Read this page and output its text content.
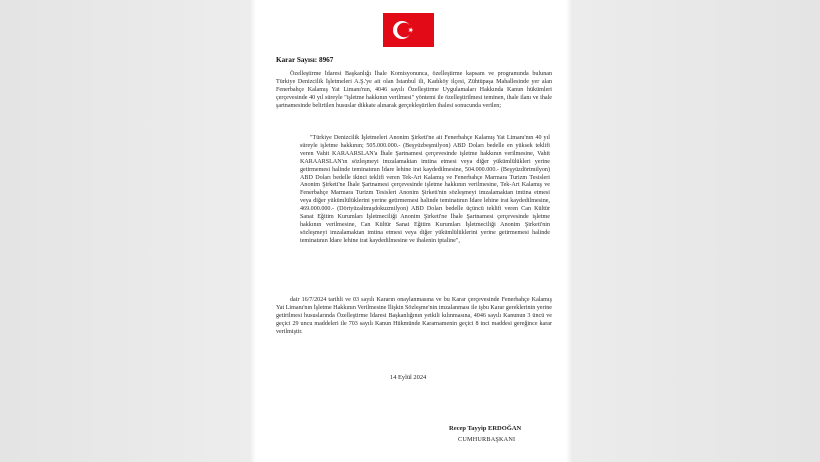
Karar Sayısı: 8967

Özelleştirme İdaresi Başkanlığı İhale Komisyonunca, özelleştirme kapsam ve programında bulunan Türkiye Denizcilik İşletmeleri A.Ş.'ye ait olan İstanbul ili, Kadıköy ilçesi, Zühtüpaşa Mahallesinde yer alan Fenerbahçe Kalamış Yat Limanı'nın, 4046 sayılı Özelleştirme Uygulamaları Hakkında Kanun hükümleri çerçevesinde 40 yıl süreyle "işletme hakkının verilmesi" yöntemi ile özelleştirilmesi teminen, ihale ilanı ve ihale şartnamesinde belirtilen hususlar dikkate alınarak gerçekleştirilen ihalesi sonucunda verilen;

"Türkiye Denizcilik İşletmeleri Anonim Şirketi'ne ait Fenerbahçe Kalamış Yat Limanı'nın 40 yıl süreyle işletme hakkının; 505.000.000.- (Beşyüzbeşmilyon) ABD Doları bedelle en yüksek teklifi veren Vahit KARAARSLAN'a İhale Şartnamesi çerçevesinde işletme hakkının verilmesine, Vahit KARAARSLAN'ın sözleşmeyi imzalamaktan imtina etmesi veya diğer yükümlülükleri yerine getirmemesi halinde teminatının İdare lehine irat kaydedilmesine, 504.000.000.- (Beşyüzdörtmilyon) ABD Doları bedelle ikinci teklifi veren Tek-Art Kalamış ve Fenerbahçe Marmara Turizm Tesisleri Anonim Şirketi'ne İhale Şartnamesi çerçevesinde işletme hakkının verilmesine, Tek-Art Kalamış ve Fenerbahçe Marmara Turizm Tesisleri Anonim Şirketi'nin sözleşmeyi imzalamaktan imtina etmesi veya diğer yükümlülüklerini yerine getirmemesi halinde teminatının İdare lehine irat kaydedilmesine, 469.000.000.- (Dörtyüzaltmışdokuzmilyon) ABD Doları bedelle üçüncü teklifi veren Can Kültür Sanat Eğitim Kurumları İşletmeciliği Anonim Şirketi'ne İhale Şartnamesi çerçevesinde işletme hakkının verilmesine, Can Kültür Sanat Eğitim Kurumları İşletmeciliği Anonim Şirketi'nin sözleşmeyi imzalamaktan imtina etmesi veya diğer yükümlülüklerini yerine getirmemesi halinde teminatının İdare lehine irat kaydedilmesine ve ihalenin iptaline",

dair 16/7/2024 tarihli ve 03 sayılı Kararın onaylanmasına ve bu Karar çerçevesinde Fenerbahçe Kalamış Yat Limanı'nın İşletme Hakkının Verilmesine İlişkin Sözleşme'nin imzalanması ile işbu Karar gereklerinin yerine getirilmesi hususlarında Özelleştirme İdaresi Başkanlığının yetkili kılınmasına, 4046 sayılı Kanunun 3 üncü ve geçici 29 uncu maddeleri ile 703 sayılı Kanun Hükmünde Kararnamenin geçici 8 inci maddesi gereğince karar verilmiştir.

14 Eylül 2024
Recep Tayyip ERDOĞAN
CUMHURBAŞKANI
